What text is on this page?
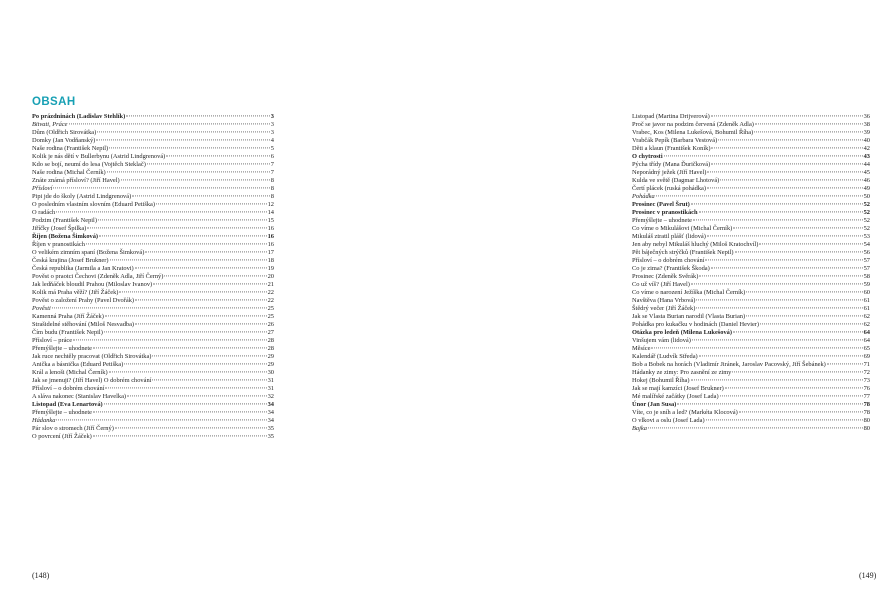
OBSAH
Po prázdninách (Ladislav Stehlík)	3
Bitvati, Práce	3
Dům (Oldřich Sirovátka)	3
Domky (Jan Vodňanský)	4
Naše rodina (František Nepil)	5
Kolik je nás dětí v Bullerbynu (Astrid Lindgrenová)	6
Kdo se bojí, neumí do lesa (Vojtěch Steklač)	7
Naše rodina (Michal Černík)	7
Znáte známá přísloví? (Jiří Havel)	8
Přísloví	8
Pipi jde do školy (Astrid Lindgrenová)	8
O posledním vlastním slovním (Eduard Petiška)	12
O radách	14
Podzim (František Nepil)	15
Jiříčky (Josef Špilka)	16
Říjen (Božena Šimková)	16
Říjen v pranostikách	16
O velikém zimním spaní (Božena Šimková)	17
Česká krajina (Josef Brukner)	18
Česká republika (Jarmila a Jan Kratovi)	19
Pověst o praotci Čechovi (Zdeněk Adla, Jiří Černý)	20
Jak ledňáček bloudil Prahou (Miloslav Ivanov)	21
Kolik má Praha věží? (Jiří Žáček)	22
Pověst o založení Prahy (Pavel Dvořák)	22
Pověsti	25
Kamenná Praha (Jiří Žáček)	25
Strašidelné stěhování (Miloš Nesvadba)	26
Čím budu (František Nepil)	27
Přísloví – práce	28
Přemýšlejte – uhodnete	28
Jak ruce nechtěly pracovat (Oldřich Sirovátka)	29
Anička a básnička (Eduard Petiška)	29
Král a lenoši (Michal Černík)	30
Jak se jmenuji? (Jiří Havel) O dobrém chování	31
Přísloví – o dobrém chování	31
A sláva nakonec (Stanislav Havelka)	32
Listopad (Eva Lenartová)	34
Přemýšlejte – uhodnete	34
Hádanka	34
Pár slov o stromech (Jiří Černý)	35
O povrcení (Jiří Žáček)	35
(148)
Listopad (Martina Drijverová)	36
Proč se javor na podzim červená (Zdeněk Adla)	38
Vrabec, Kos (Milena Lukešová, Bohumil Říha)	39
Vrabčák Pepík (Barbara Vestová)	40
Děti a klaun (František Koník)	42
O chytrosti	43
Pýcha třídy (Mana Ďuričková)	44
Neporádný ježek (Jiří Havel)	45
Kulda ve světě (Dagmar Lhotová)	46
Čertí plácek (ruská pohádka)	49
Pohádka	50
Prosinec (Pavel Šrut)	52
Prosinec v pranostikách	52
Přemýšlejte – uhodnete	52
Co víme o Mikulášovi (Michal Černík)	52
Mikuláš ztratil plášť (lidová)	53
Jen aby nebyl Mikuláš hluchý (Miloš Kratochvíl)	54
Pět báječných strýčků (František Nepil)	56
Přísloví – o dobrém chování	57
Co je zima? (František Škoda)	57
Prosinec (Zdeněk Svěrák)	58
Co už víš? (Jiří Havel)	59
Co víme o narození Ježíška (Michal Černík)	60
Navštěva (Hana Vrbová)	61
Štědrý večer (Jiří Žáček)	61
Jak se Vlasta Burian narodil (Vlasta Burian)	62
Pohádka pro kukačku v hodinách (Daniel Hevier)	62
Otázka pro ledeň (Milena Lukešová)	64
Vinšujem vám (lidová)	64
Měsíce	65
Kalendář (Ludvík Středa)	69
Bob a Bobek na horách (Vladimír Jiránek, Jaroslav Pacovský, Jiří Šebánek)	71
Hádanky ze zimy: Pro zasnění ze zimy	72
Hokej (Bohumil Říha)	73
Jak se mají kamzíci (Josef Brukner)	76
Mé malířské začátky (Josef Lada)	77
Únor (Jan Susa)	78
Víte, co je sníh a led? (Markéta Klocová)	78
O vlkovi a oslu (Josef Lada)	80
Bajka	80
(149)
